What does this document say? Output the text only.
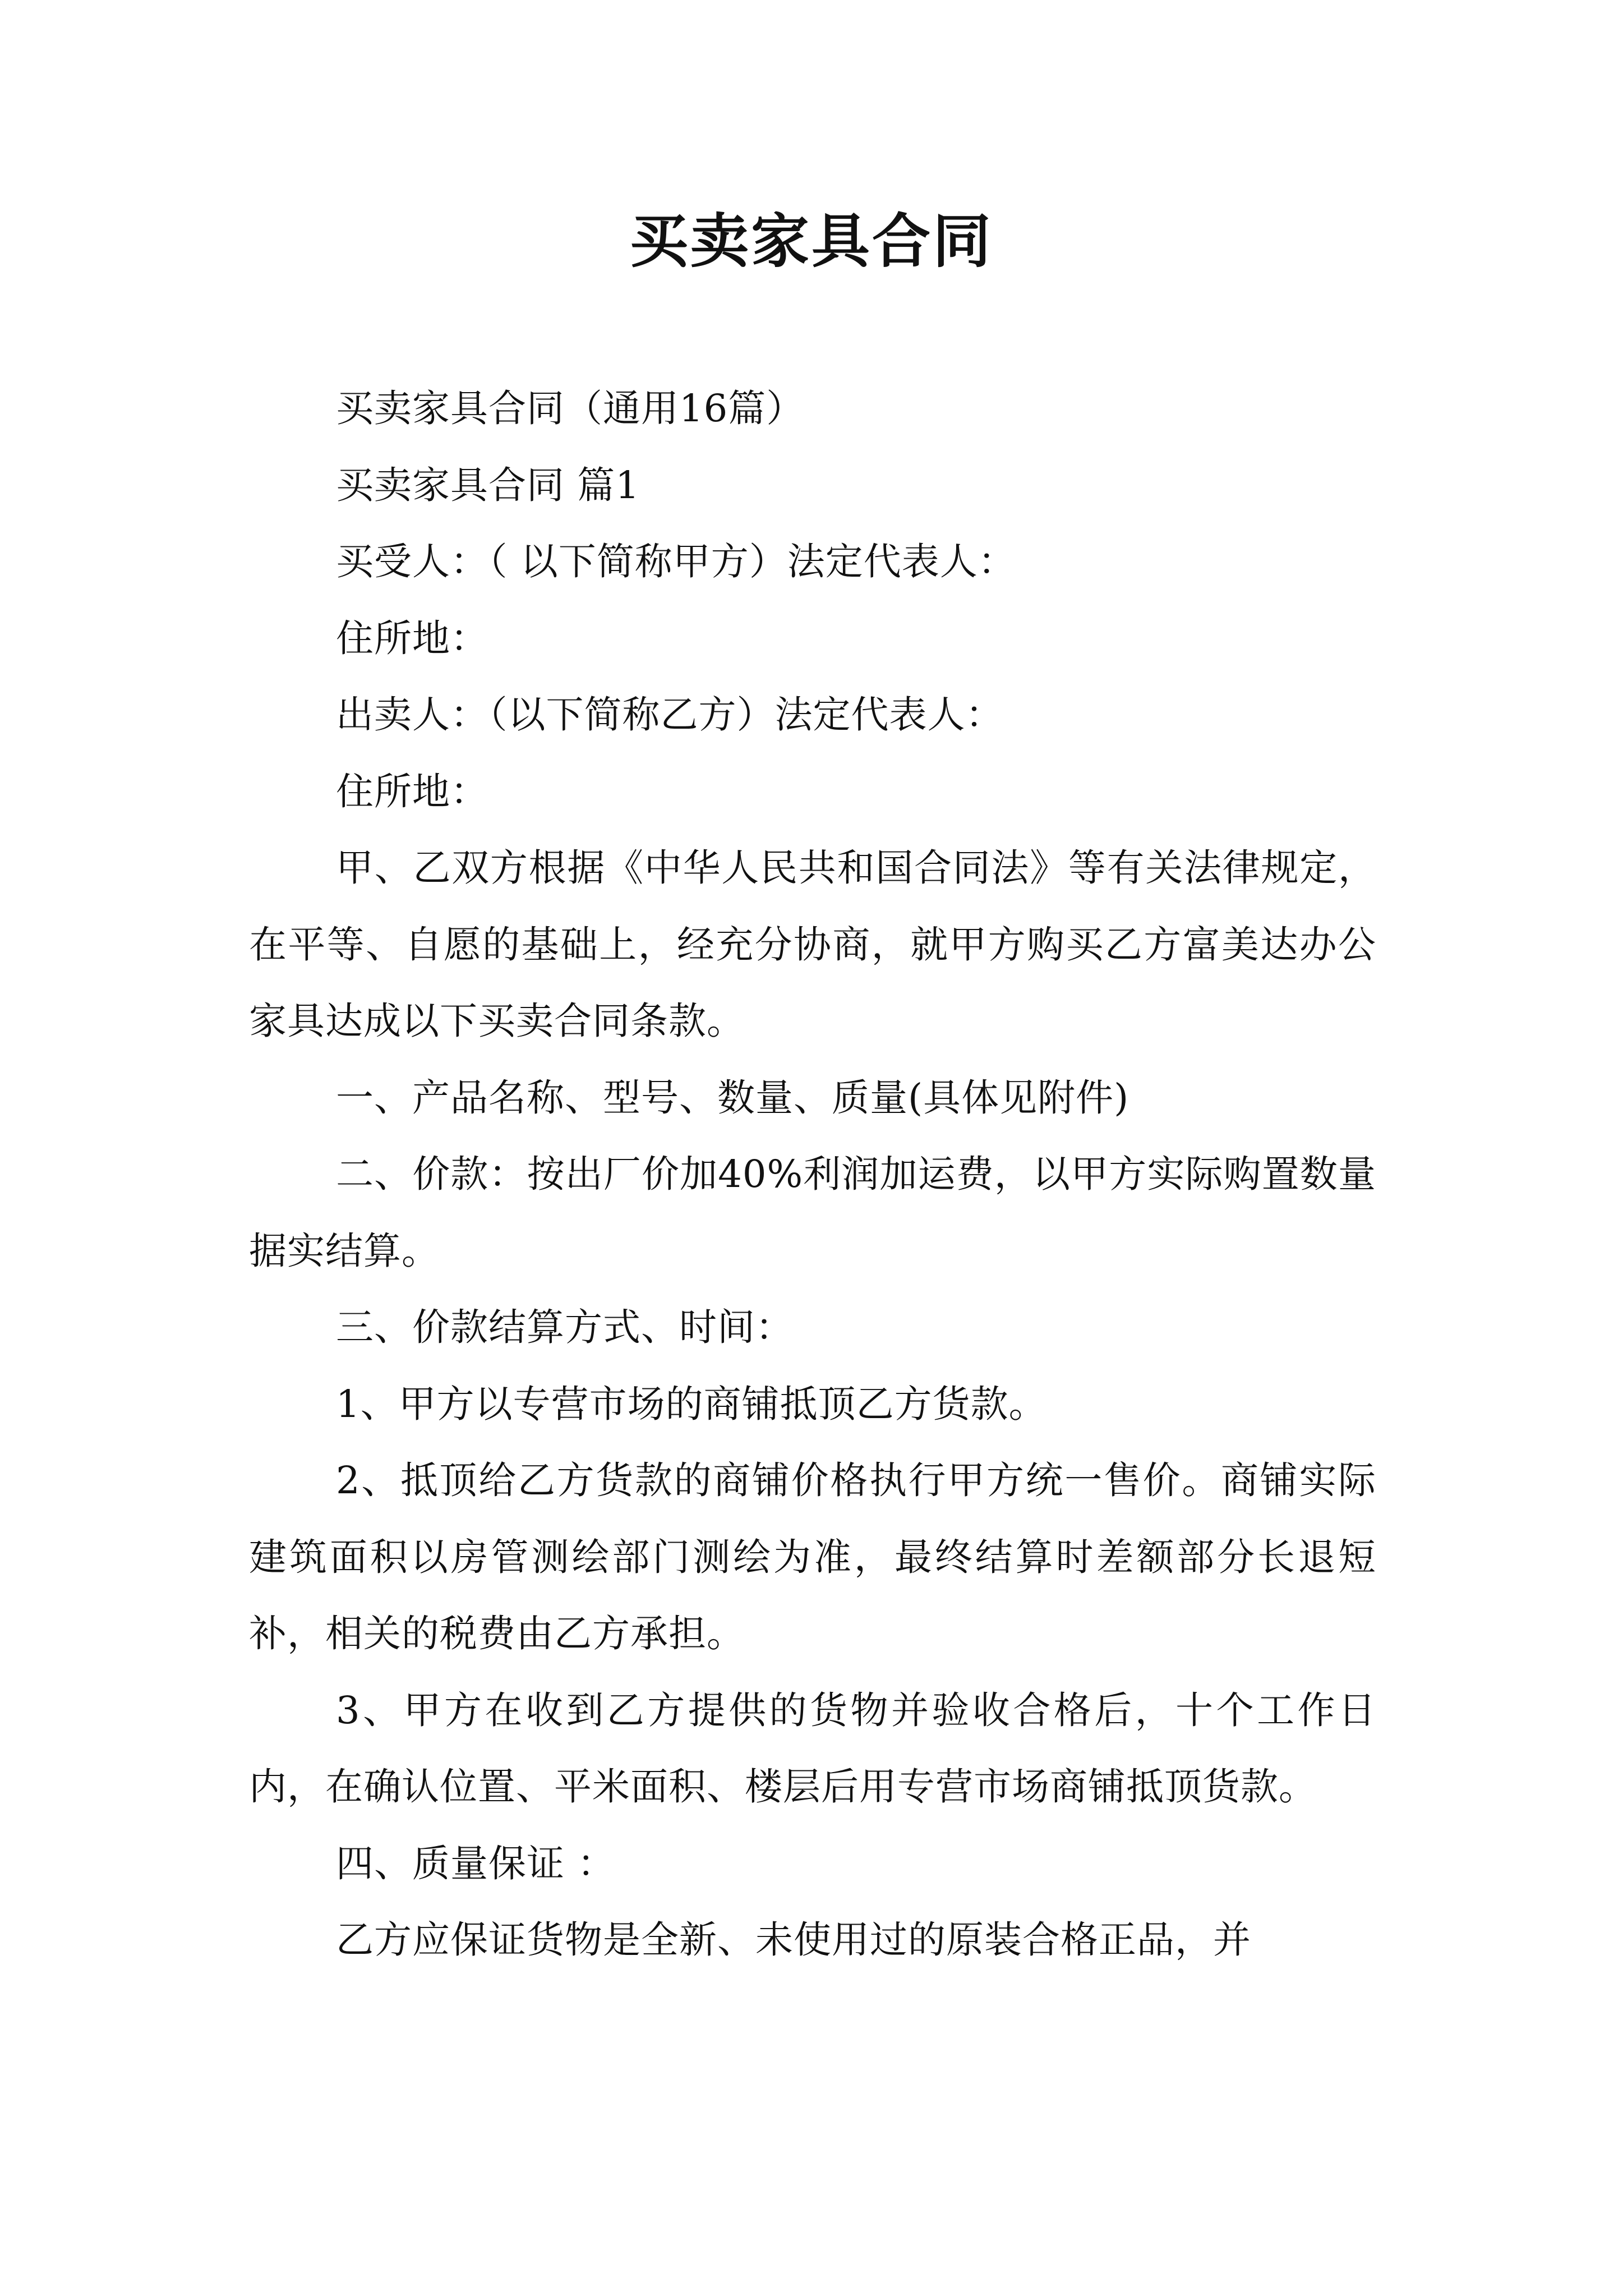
买卖家具合同

买卖家具合同（通用16篇）

买卖家具合同 篇1

买受人：（ 以下简称甲方）法定代表人：

住所地：

出卖人：（以下简称乙方）法定代表人：

住所地：

甲、乙双方根据《中华人民共和国合同法》等有关法律规定，在平等、自愿的基础上，经充分协商，就甲方购买乙方富美达办公家具达成以下买卖合同条款。

一、产品名称、型号、数量、质量(具体见附件)

二、价款：按出厂价加40%利润加运费，以甲方实际购置数量据实结算。

三、价款结算方式、时间：

1、甲方以专营市场的商铺抵顶乙方货款。

2、抵顶给乙方货款的商铺价格执行甲方统一售价。商铺实际建筑面积以房管测绘部门测绘为准，最终结算时差额部分长退短补，相关的税费由乙方承担。

3、甲方在收到乙方提供的货物并验收合格后，十个工作日内，在确认位置、平米面积、楼层后用专营市场商铺抵顶货款。

四、质量保证 ：

乙方应保证货物是全新、未使用过的原装合格正品，并
